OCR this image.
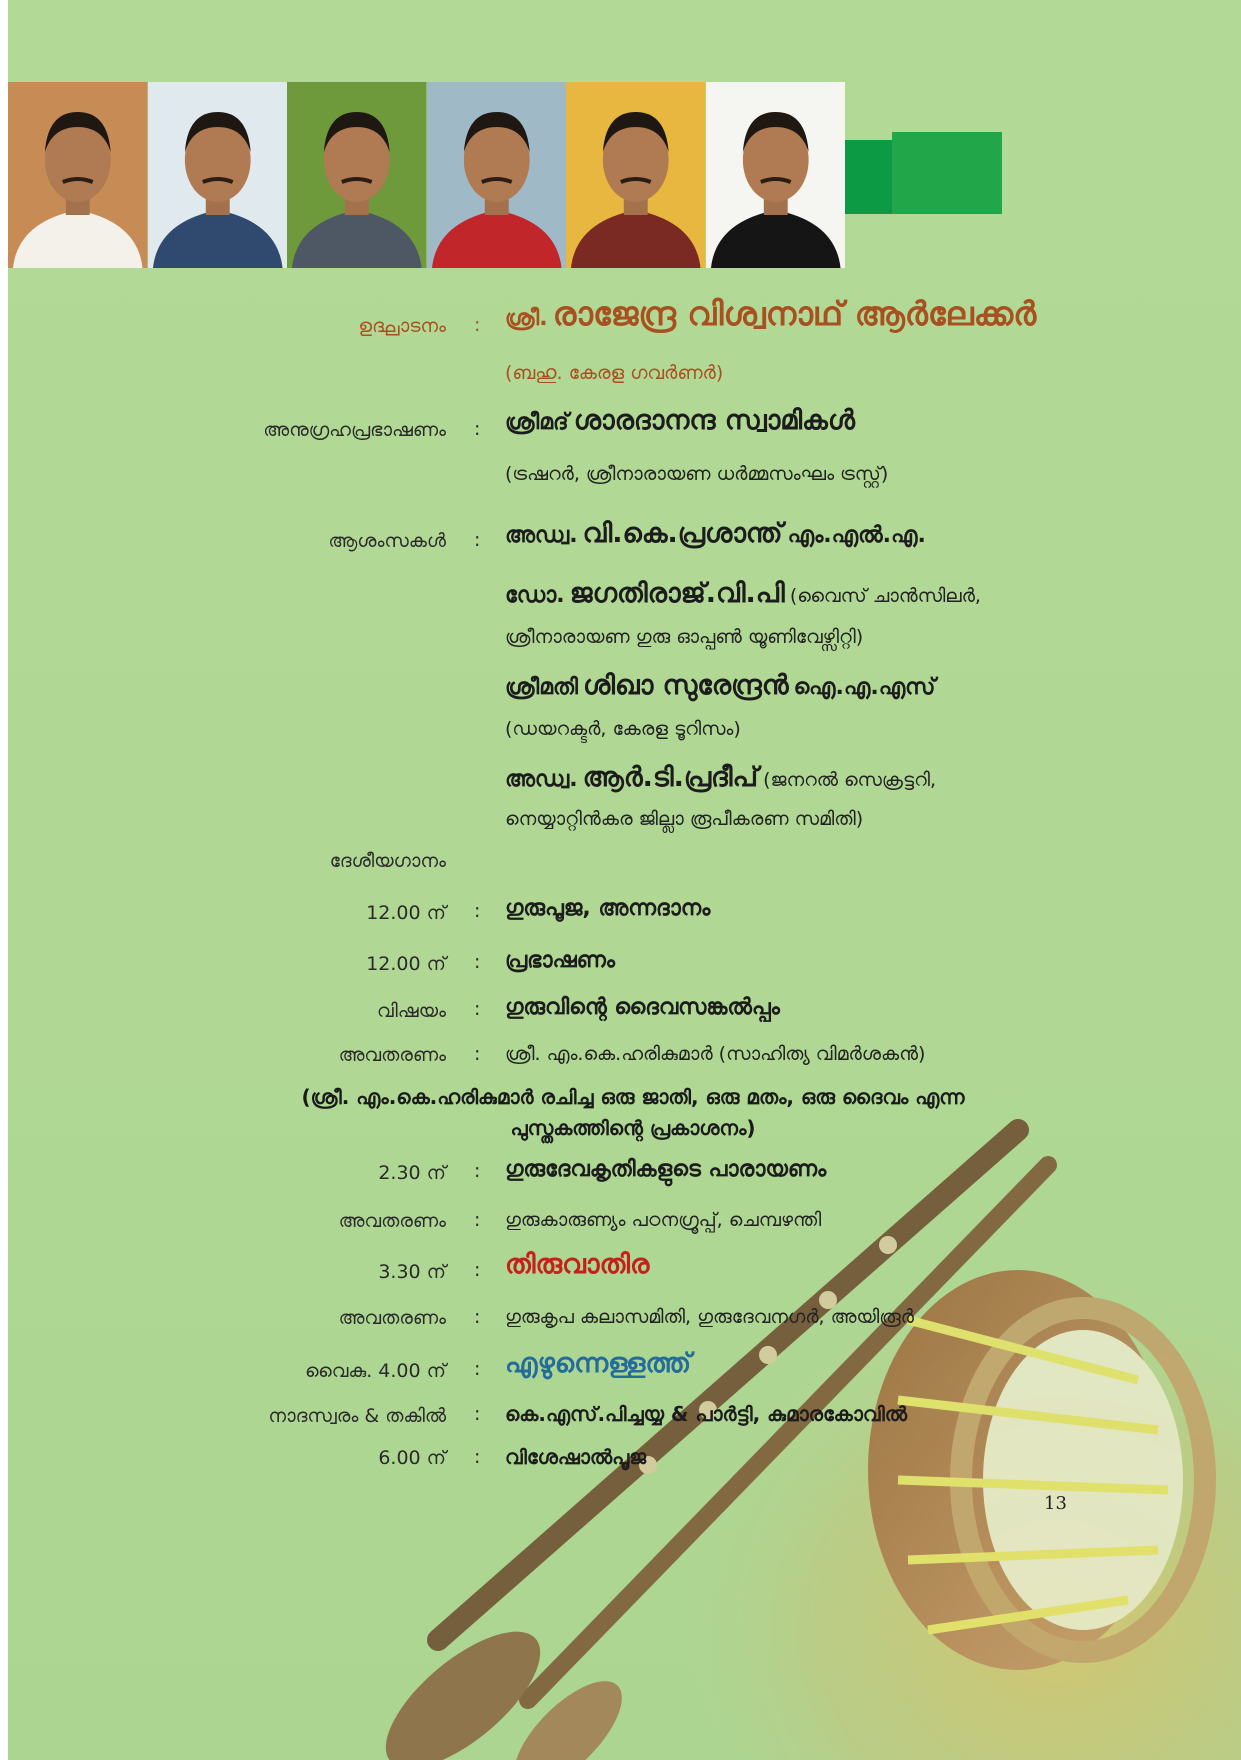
ഉദ്ഘാടനം : ശ്രീ. രാജേന്ദ്ര വിശ്വനാഥ് ആർലേക്കർ
(ബഹു. കേരള ഗവർണർ)
അനുഗ്രഹപ്രഭാഷണം : ശ്രീമദ് ശാരദാനന്ദ സ്വാമികൾ
(ട്രഷറർ, ശ്രീനാരായണ ധർമ്മസംഘം ട്രസ്റ്റ്)
ആശംസകൾ : അഡ്വ. വി.കെ.പ്രശാന്ത് എം.എൽ.എ.
ഡോ. ജഗതിരാജ്.വി.പി (വൈസ് ചാൻസിലർ,
ശ്രീനാരായണ ഗുരു ഓപ്പൺ യൂണിവേഴ്സിറ്റി)
ശ്രീമതി ശിഖാ സുരേന്ദ്രൻ ഐ.എ.എസ്
(ഡയറക്ടർ, കേരള ടൂറിസം)
അഡ്വ. ആർ.ടി.പ്രദീപ് (ജനറൽ സെക്രട്ടറി,
നെയ്യാറ്റിൻകര ജില്ലാ രൂപീകരണ സമിതി)
ദേശീയഗാനം
12.00 ന് : ഗുരുപൂജ, അന്നദാനം
12.00 ന് : പ്രഭാഷണം
വിഷയം : ഗുരുവിന്റെ ദൈവസങ്കൽപ്പം
അവതരണം : ശ്രീ. എം.കെ.ഹരികുമാർ (സാഹിത്യ വിമർശകൻ)
(ശ്രീ. എം.കെ.ഹരികുമാർ രചിച്ച ഒരു ജാതി, ഒരു മതം, ഒരു ദൈവം എന്ന
പുസ്തകത്തിന്റെ പ്രകാശനം)
2.30 ന് : ഗുരുദേവകൃതികളുടെ പാരായണം
അവതരണം : ഗുരുകാരുണ്യം പഠനഗ്രൂപ്പ്, ചെമ്പഴന്തി
3.30 ന് : തിരുവാതിര
അവതരണം : ഗുരുകൃപ കലാസമിതി, ഗുരുദേവനഗർ, അയിരൂർ
വൈകു. 4.00 ന് : എഴുന്നെള്ളത്ത്
നാദസ്വരം & തകിൽ : കെ.എസ്.പിച്ചയ്യ & പാർട്ടി, കുമാരകോവിൽ
6.00 ന് : വിശേഷാൽപൂജ
13
